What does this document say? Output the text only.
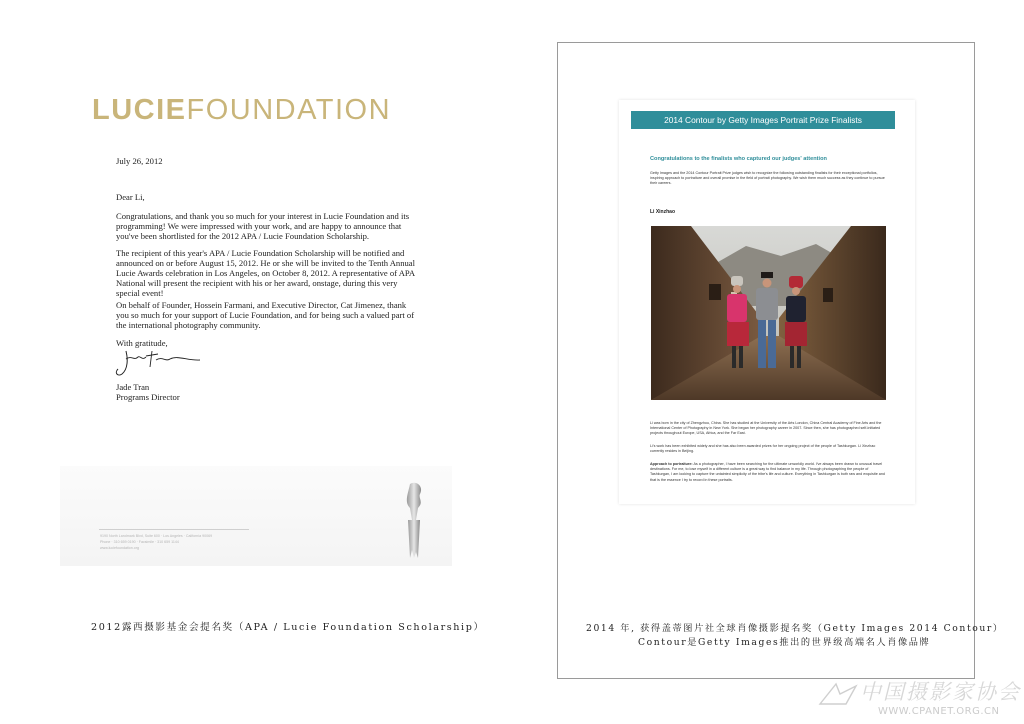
LUCIEFOUNDATION
July 26, 2012
Dear Li,
Congratulations, and thank you so much for your interest in Lucie Foundation and its programming! We were impressed with your work, and are happy to announce that you've been shortlisted for the 2012 APA / Lucie Foundation Scholarship.
The recipient of this year's APA / Lucie Foundation Scholarship will be notified and announced on or before August 15, 2012. He or she will be invited to the Tenth Annual Lucie Awards celebration in Los Angeles, on October 8, 2012. A representative of APA National will present the recipient with his or her award, onstage, during this very special event!
On behalf of Founder, Hossein Farmani, and Executive Director, Cat Jimenez, thank you so much for your support of Lucie Foundation, and for being such a valued part of the international photography community.
With gratitude,
Jade Tran
Programs Director
9190 North Landmark Blvd, Suite 600 · Los Angeles · California 90069
Phone · 310 659 0190 · Facsimile · 310 659 1144
www.luciefoundation.org
2012露西摄影基金会提名奖（APA / Lucie Foundation Scholarship）
2014 Contour by Getty Images Portrait Prize Finalists
Congratulations to the finalists who captured our judges' attention
Getty Images and the 2014 Contour Portrait Prize judges wish to recognize the following outstanding finalists for their exceptional portfolios, inspiring approach to portraiture and overall promise in the field of portrait photography. We wish them much success as they continue to pursue their careers.
Li Xinzhao
Li was born in the city of Zhengzhou, China. She has studied at the University of the Arts London, China Central Academy of Fine Arts and the International Center of Photography in New York. She began her photography career in 2007. Since then, she has photographed self-initiated projects throughout Europe, USA, Africa, and the Far East.
Li's work has been exhibited widely and she has also been awarded prizes for her ongoing project of the people of Tashkurgan. Li Xinzhao currently resides in Beijing.
Approach to portraiture: As a photographer, I have been searching for the ultimate unworldly world. I've always been drawn to unusual travel destinations. For me, to lose myself in a different culture is a great way to find balance in my life. Through photographing the people of Tashkurgan, I am looking to capture the untainted simplicity of the tribe's life and culture. Everything in Tashkurgan is both raw and exquisite and that is the essence I try to record in these portraits.
2014 年, 获得盖蒂图片社全球肖像摄影提名奖（Getty Images 2014 Contour）
Contour是Getty Images推出的世界级高端名人肖像品牌
中国摄影家协会
WWW.CPANET.ORG.CN
